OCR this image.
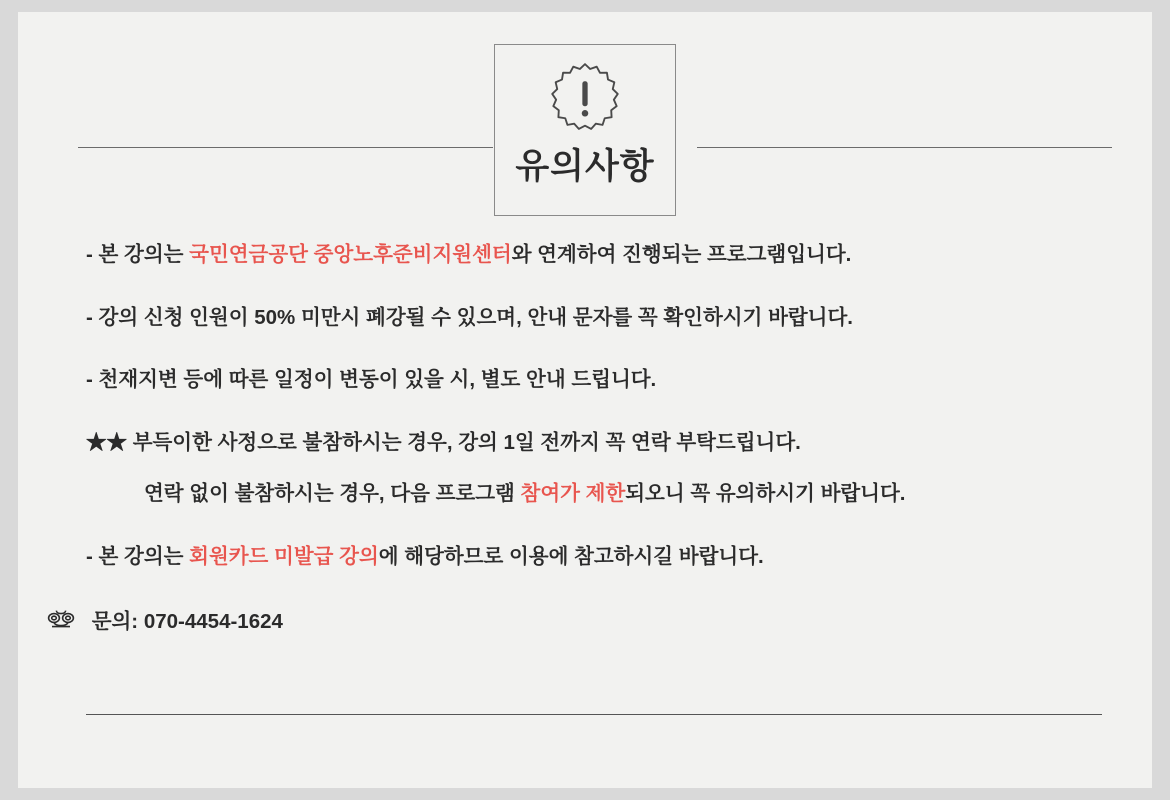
유의사항
- 본 강의는 국민연금공단 중앙노후준비지원센터와 연계하여 진행되는 프로그램입니다.
- 강의 신청 인원이 50% 미만시 폐강될 수 있으며, 안내 문자를 꼭 확인하시기 바랍니다.
- 천재지변 등에 따른 일정이 변동이 있을 시, 별도 안내 드립니다.
★★ 부득이한 사정으로 불참하시는 경우, 강의 1일 전까지 꼭 연락 부탁드립니다.
연락 없이 불참하시는 경우, 다음 프로그램 참여가 제한되오니 꼭 유의하시기 바랍니다.
- 본 강의는 회원카드 미발급 강의에 해당하므로 이용에 참고하시길 바랍니다.
문의: 070-4454-1624
